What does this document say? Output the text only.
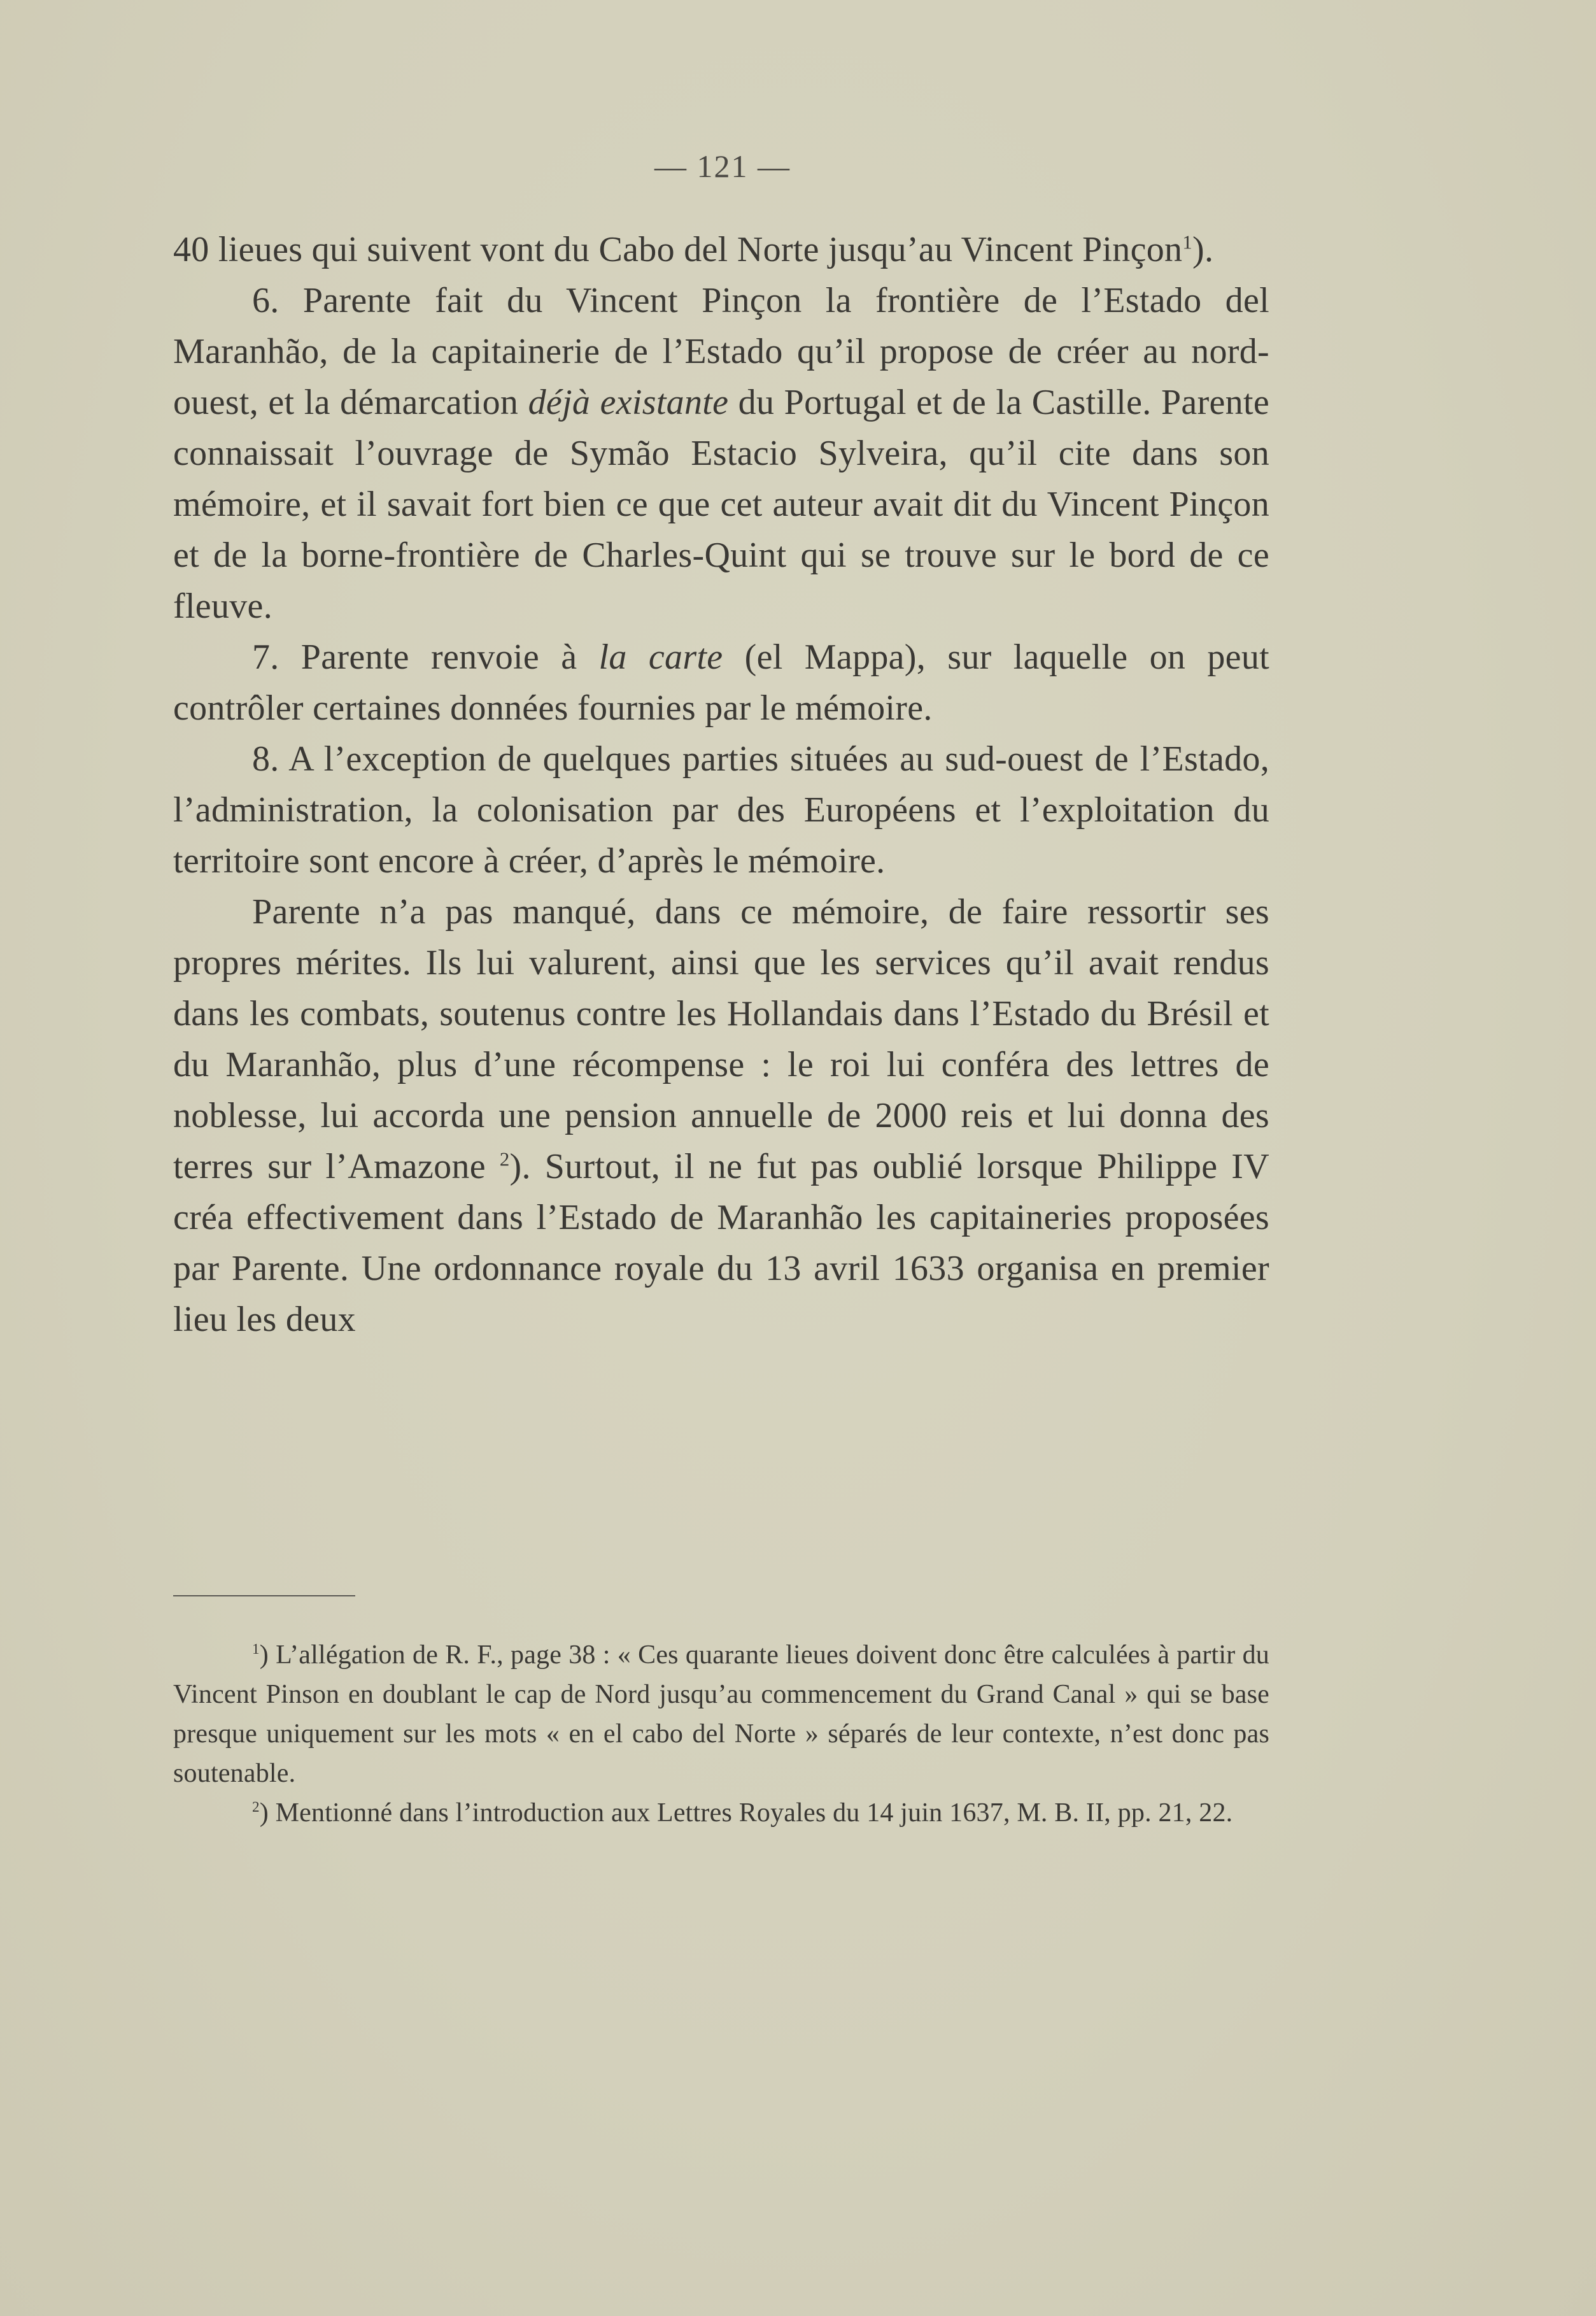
— 121 —

40 lieues qui suivent vont du Cabo del Norte jusqu’au Vincent Pinçon$^1$).

6. Parente fait du Vincent Pinçon la frontière de l’Estado del Maranhão, de la capitainerie de l’Estado qu’il propose de créer au nord-ouest, et la démarcation déjà existante du Portugal et de la Castille. Parente connaissait l’ouvrage de Symão Estacio Sylveira, qu’il cite dans son mémoire, et il savait fort bien ce que cet auteur avait dit du Vincent Pinçon et de la borne-frontière de Charles-Quint qui se trouve sur le bord de ce fleuve.

7. Parente renvoie à la carte (el Mappa), sur laquelle on peut contrôler certaines données fournies par le mémoire.

8. A l’exception de quelques parties situées au sud-ouest de l’Estado, l’administration, la colonisation par des Européens et l’exploitation du territoire sont encore à créer, d’après le mémoire.

Parente n’a pas manqué, dans ce mémoire, de faire ressortir ses propres mérites. Ils lui valurent, ainsi que les services qu’il avait rendus dans les combats, soutenus contre les Hollandais dans l’Estado du Brésil et du Maranhão, plus d’une récompense : le roi lui conféra des lettres de noblesse, lui accorda une pension annuelle de 2000 reis et lui donna des terres sur l’Amazone $^2$). Surtout, il ne fut pas oublié lorsque Philippe IV créa effectivement dans l’Estado de Maranhão les capitaineries proposées par Parente. Une ordonnance royale du 13 avril 1633 organisa en premier lieu les deux

$^1$) L’allégation de R. F., page 38 : « Ces quarante lieues doivent donc être calculées à partir du Vincent Pinson en doublant le cap de Nord jusqu’au commencement du Grand Canal » qui se base presque uniquement sur les mots « en el cabo del Norte » séparés de leur contexte, n’est donc pas soutenable.

$^2$) Mentionné dans l’introduction aux Lettres Royales du 14 juin 1637, M. B. II, pp. 21, 22.
